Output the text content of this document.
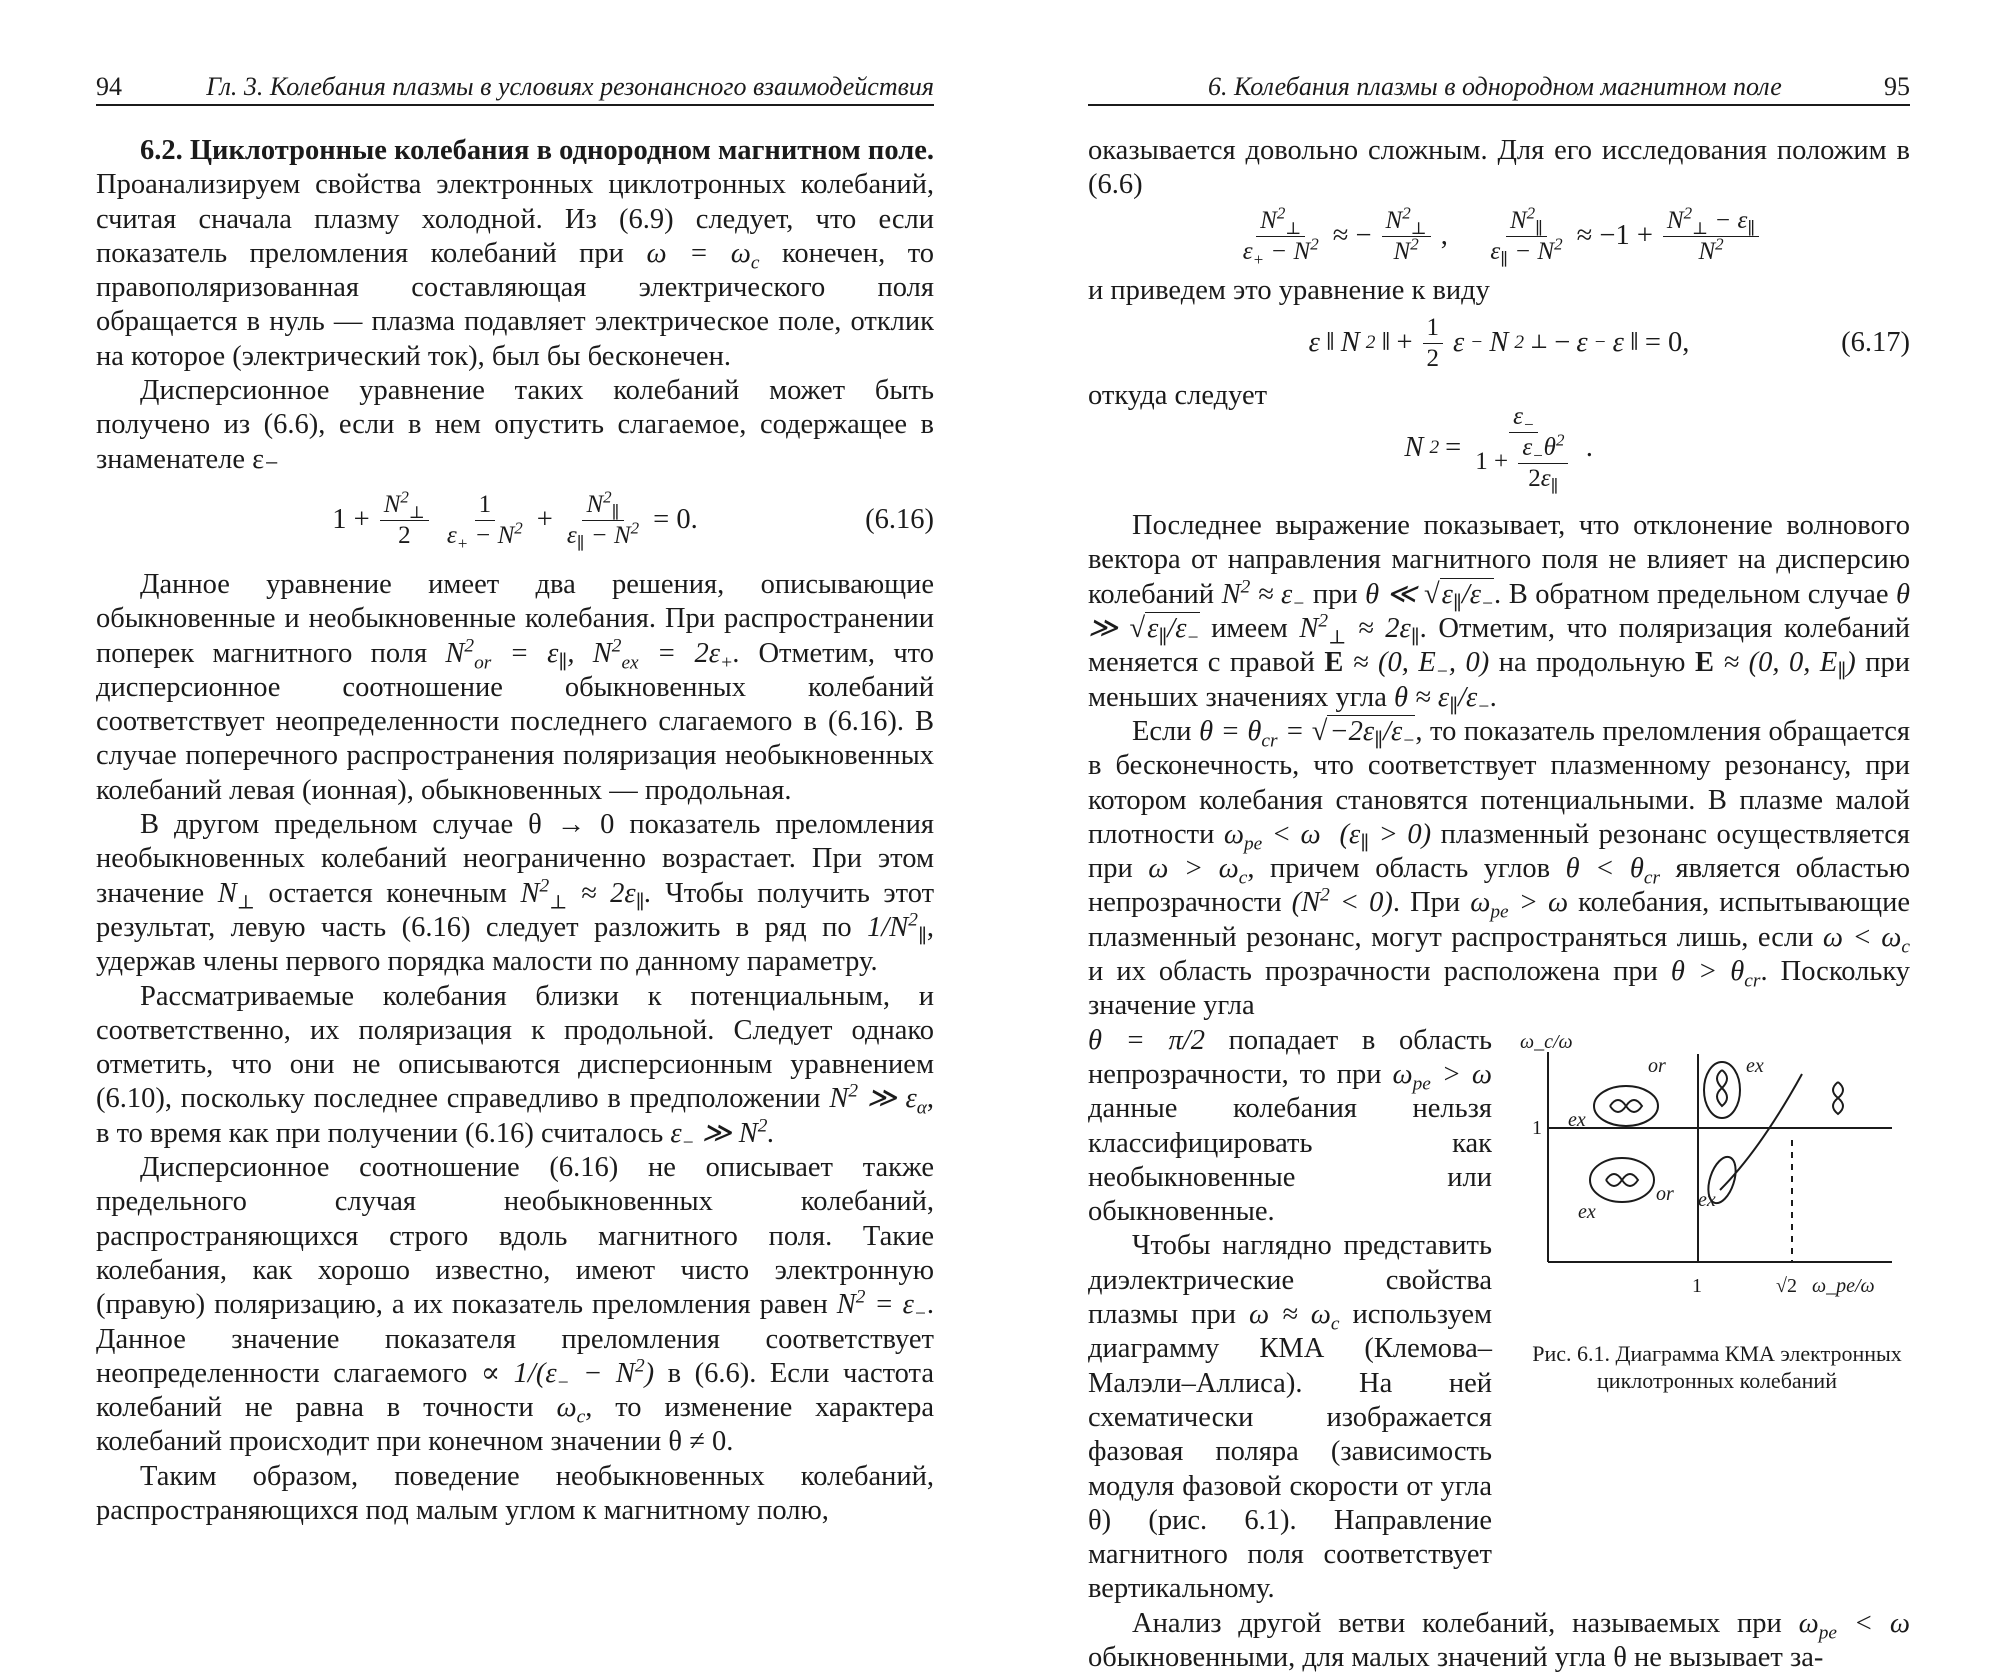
94	Гл. 3. Колебания плазмы в условиях резонансного взаимодействия

6.2. Циклотронные колебания в однородном магнитном поле. Проанализируем свойства электронных циклотронных колебаний, считая сначала плазму холодной. Из (6.9) следует, что если показатель преломления колебаний при $\omega = \omega_c$ конечен, то правополяризованная составляющая электрического поля обращается в нуль — плазма подавляет электрическое поле, отклик на которое (электрический ток), был бы бесконечен.

Дисперсионное уравнение таких колебаний может быть получено из (6.6), если в нем опустить слагаемое, содержащее в знаменателе ε₋

$1 + \frac{N^2_\perp}{2} \frac{1}{\varepsilon_+ - N^2} + \frac{N^2_\parallel}{\varepsilon_\parallel - N^2} = 0$.	(6.16)

Данное уравнение имеет два решения, описывающие обыкновенные и необыкновенные колебания. При распространении поперек магнитного поля $N^2_{or} = \varepsilon_\parallel$, $N^2_{ex} = 2\varepsilon_+$. Отметим, что дисперсионное соотношение обыкновенных колебаний соответствует неопределенности последнего слагаемого в (6.16). В случае поперечного распространения поляризация необыкновенных колебаний левая (ионная), обыкновенных — продольная.

В другом предельном случае θ → 0 показатель преломления необыкновенных колебаний неограниченно возрастает. При этом значение $N_\perp$ остается конечным $N^2_\perp \approx 2\varepsilon_\parallel$. Чтобы получить этот результат, левую часть (6.16) следует разложить в ряд по $1/N^2_\parallel$, удержав члены первого порядка малости по данному параметру.

Рассматриваемые колебания близки к потенциальным, и соответственно, их поляризация к продольной. Следует однако отметить, что они не описываются дисперсионным уравнением (6.10), поскольку последнее справедливо в предположении $N^2$ ≫ $\varepsilon_\alpha$, в то время как при получении (6.16) считалось $\varepsilon_-$ ≫ $N^2$.

Дисперсионное соотношение (6.16) не описывает также предельного случая необыкновенных колебаний, распространяющихся строго вдоль магнитного поля. Такие колебания, как хорошо известно, имеют чисто электронную (правую) поляризацию, а их показатель преломления равен $N^2 = \varepsilon_-$. Данное значение показателя преломления соответствует неопределенности слагаемого ∝ $1/(\varepsilon_- - N^2)$ в (6.6). Если частота колебаний не равна в точности $\omega_c$, то изменение характера колебаний происходит при конечном значении θ ≠ 0.

Таким образом, поведение необыкновенных колебаний, распространяющихся под малым углом к магнитному полю,

6. Колебания плазмы в однородном магнитном поле	95

оказывается довольно сложным. Для его исследования положим в (6.6)

$\frac{N^2_\perp}{\varepsilon_+ - N^2}$ ≈ − $\frac{N^2_\perp}{N^2}$ , $\frac{N^2_\parallel}{\varepsilon_\parallel - N^2} \approx -1 + \frac{N^2_\perp - \varepsilon_\parallel}{N^2}$

и приведем это уравнение к виду

ε ∥ N 2 ∥ + $\frac{1}{2}$ ε − N 2 ⊥ − ε − ε ∥ = 0,	(6.17)

откуда следует

N $2 = \frac{\varepsilon_-}{1 + \frac{\varepsilon_-\theta^2}{2\varepsilon_\parallel}}$ .

Последнее выражение показывает, что отклонение волнового вектора от направления магнитного поля не влияет на дисперсию колебаний $N^2 \approx \varepsilon_-$ при θ ≪ $√\varepsilon_\parallel/\varepsilon_-$. В обратном предельном случае θ ≫ $√\varepsilon_\parallel/\varepsilon_-$ имеем $N^2_\perp \approx 2\varepsilon_\parallel$. Отметим, что поляризация колебаний меняется с правой E ≈ (0, $E_-$, 0) на продольную E ≈ (0, 0, $E_\parallel$) при меньших значениях угла $\theta \approx \varepsilon_\parallel/\varepsilon_-$.

Если $\theta = \theta_{cr} = √-2\varepsilon_\parallel/\varepsilon_-$, то показатель преломления обращается в бесконечность, что соответствует плазменному резонансу, при котором колебания становятся потенциальными. В плазме малой плотности $\omega_{pe} < \omega$  $(\varepsilon_\parallel > 0)$ плазменный резонанс осуществляется при $\omega > \omega_c$, причем область углов $\theta < \theta_{cr}$ является областью непрозрачности $(N^2 < 0)$. При $\omega_{pe} > \omega$ колебания, испытывающие плазменный резонанс, могут распространяться лишь, если $\omega < \omega_c$ и их область прозрачности расположена при $\theta > \theta_{cr}$. Поскольку значение угла

θ = π/2 попадает в область непрозрачности, то при $\omega_{pe} > \omega$ данные колебания нельзя классифицировать как необыкновенные или обыкновенные.

Чтобы наглядно представить диэлектрические свойства плазмы при $\omega \approx \omega_c$ используем диаграмму КМА (Клемова–Малэли–Аллиса). На ней схематически изображается фазовая поляра (зависимость модуля фазовой скорости от угла θ) (рис. 6.1). Направление магнитного поля соответствует вертикальному.

ω_c/ω
or
ex
ex
or
ex
ex
ω_pe/ω
1
1	√2
Рис. 6.1. Диаграмма КМА электронных циклотронных колебаний

Анализ другой ветви колебаний, называемых при $\omega_{pe} < \omega$ обыкновенными, для малых значений угла θ не вызывает за-
